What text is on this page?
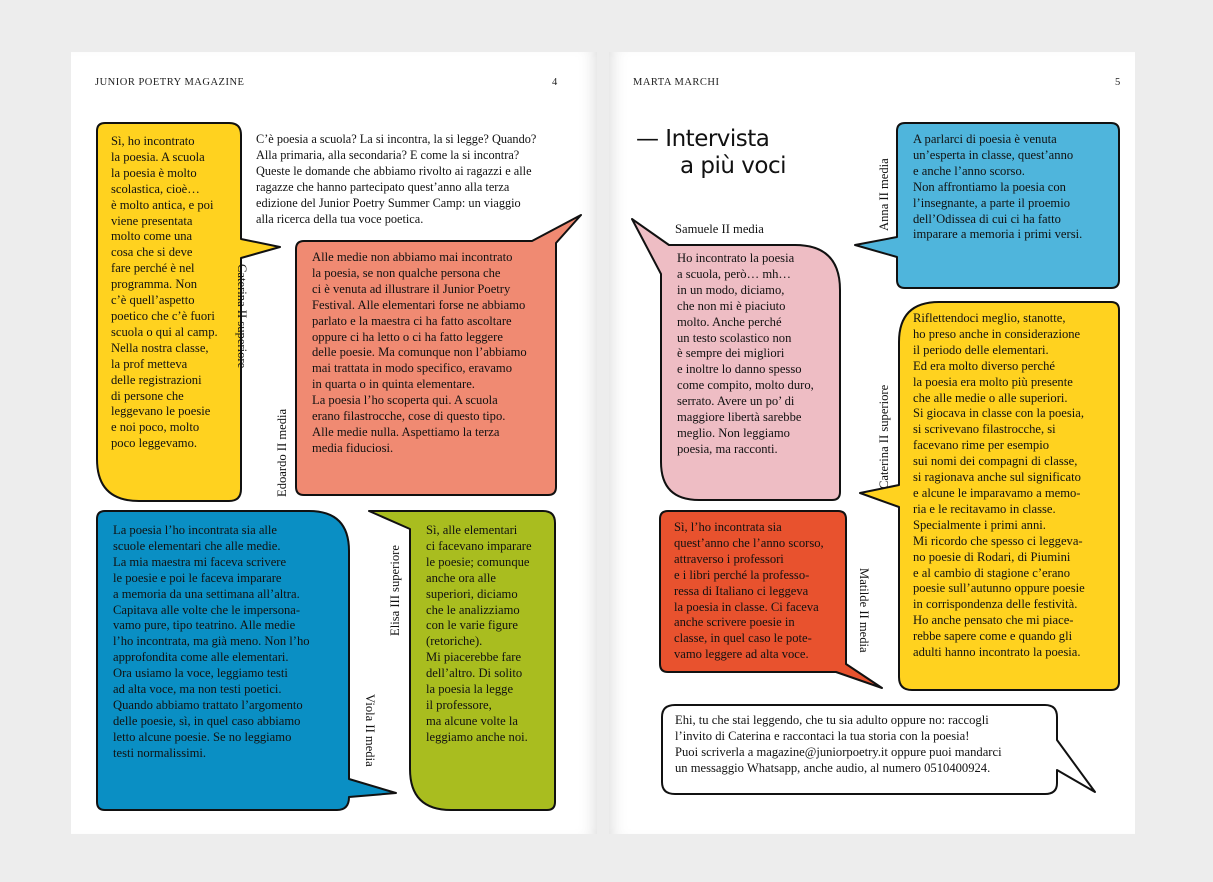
JUNIOR POETRY MAGAZINE	4
C’è poesia a scuola? La si incontra, la si legge? Quando?
Alla primaria, alla secondaria? E come la si incontra?
Queste le domande che abbiamo rivolto ai ragazzi e alle
ragazze che hanno partecipato quest’anno alla terza
edizione del Junior Poetry Summer Camp: un viaggio
alla ricerca della tua voce poetica.
Sì, ho incontrato
la poesia. A scuola
la poesia è molto
scolastica, cioè…
è molto antica, e poi
viene presentata
molto come una
cosa che si deve
fare perché è nel
programma. Non
c’è quell’aspetto
poetico che c’è fuori
scuola o qui al camp.
Nella nostra classe,
la prof metteva
delle registrazioni
di persone che
leggevano le poesie
e noi poco, molto
poco leggevamo.
Alle medie non abbiamo mai incontrato
la poesia, se non qualche persona che
ci è venuta ad illustrare il Junior Poetry
Festival. Alle elementari forse ne abbiamo
parlato e la maestra ci ha fatto ascoltare
oppure ci ha letto o ci ha fatto leggere
delle poesie. Ma comunque non l’abbiamo
mai trattata in modo specifico, eravamo
in quarta o in quinta elementare.
La poesia l’ho scoperta qui. A scuola
erano filastrocche, cose di questo tipo.
Alle medie nulla. Aspettiamo la terza
media fiduciosi.
La poesia l’ho incontrata sia alle
scuole elementari che alle medie.
La mia maestra mi faceva scrivere
le poesie e poi le faceva imparare
a memoria da una settimana all’altra.
Capitava alle volte che le impersona-
vamo pure, tipo teatrino. Alle medie
l’ho incontrata, ma già meno. Non l’ho
approfondita come alle elementari.
Ora usiamo la voce, leggiamo testi
ad alta voce, ma non testi poetici.
Quando abbiamo trattato l’argomento
delle poesie, sì, in quel caso abbiamo
letto alcune poesie. Se no leggiamo
testi normalissimi.
Sì, alle elementari
ci facevano imparare
le poesie; comunque
anche ora alle
superiori, diciamo
che le analizziamo
con le varie figure
(retoriche).
Mi piacerebbe fare
dell’altro. Di solito
la poesia la legge
il professore,
ma alcune volte la
leggiamo anche noi.
Caterina II superiore
Edoardo II media
Elisa III superiore
Viola II media
MARTA MARCHI	5
— Intervista
a più voci
A parlarci di poesia è venuta
un’esperta in classe, quest’anno
e anche l’anno scorso.
Non affrontiamo la poesia con
l’insegnante, a parte il proemio
dell’Odissea di cui ci ha fatto
imparare a memoria i primi versi.
Samuele II media	Anna II media
Ho incontrato la poesia
a scuola, però… mh…
in un modo, diciamo,
che non mi è piaciuto
molto. Anche perché
un testo scolastico non
è sempre dei migliori
e inoltre lo danno spesso
come compito, molto duro,
serrato. Avere un po’ di
maggiore libertà sarebbe
meglio. Non leggiamo
poesia, ma racconti.
Riflettendoci meglio, stanotte,
ho preso anche in considerazione
il periodo delle elementari.
Ed era molto diverso perché
la poesia era molto più presente
che alle medie o alle superiori.
Si giocava in classe con la poesia,
si scrivevano filastrocche, si
facevano rime per esempio
sui nomi dei compagni di classe,
si ragionava anche sul significato
e alcune le imparavamo a memo-
ria e le recitavamo in classe.
Specialmente i primi anni.
Mi ricordo che spesso ci leggeva-
no poesie di Rodari, di Piumini
e al cambio di stagione c’erano
poesie sull’autunno oppure poesie
in corrispondenza delle festività.
Ho anche pensato che mi piace-
rebbe sapere come e quando gli
adulti hanno incontrato la poesia.
Caterina II superiore
Sì, l’ho incontrata sia
quest’anno che l’anno scorso,
attraverso i professori
e i libri perché la professo-
ressa di Italiano ci leggeva
la poesia in classe. Ci faceva
anche scrivere poesie in
classe, in quel caso le pote-
vamo leggere ad alta voce.
Matilde II media
Ehi, tu che stai leggendo, che tu sia adulto oppure no: raccogli
l’invito di Caterina e raccontaci la tua storia con la poesia!
Puoi scriverla a magazine@juniorpoetry.it oppure puoi mandarci
un messaggio Whatsapp, anche audio, al numero 0510400924.
